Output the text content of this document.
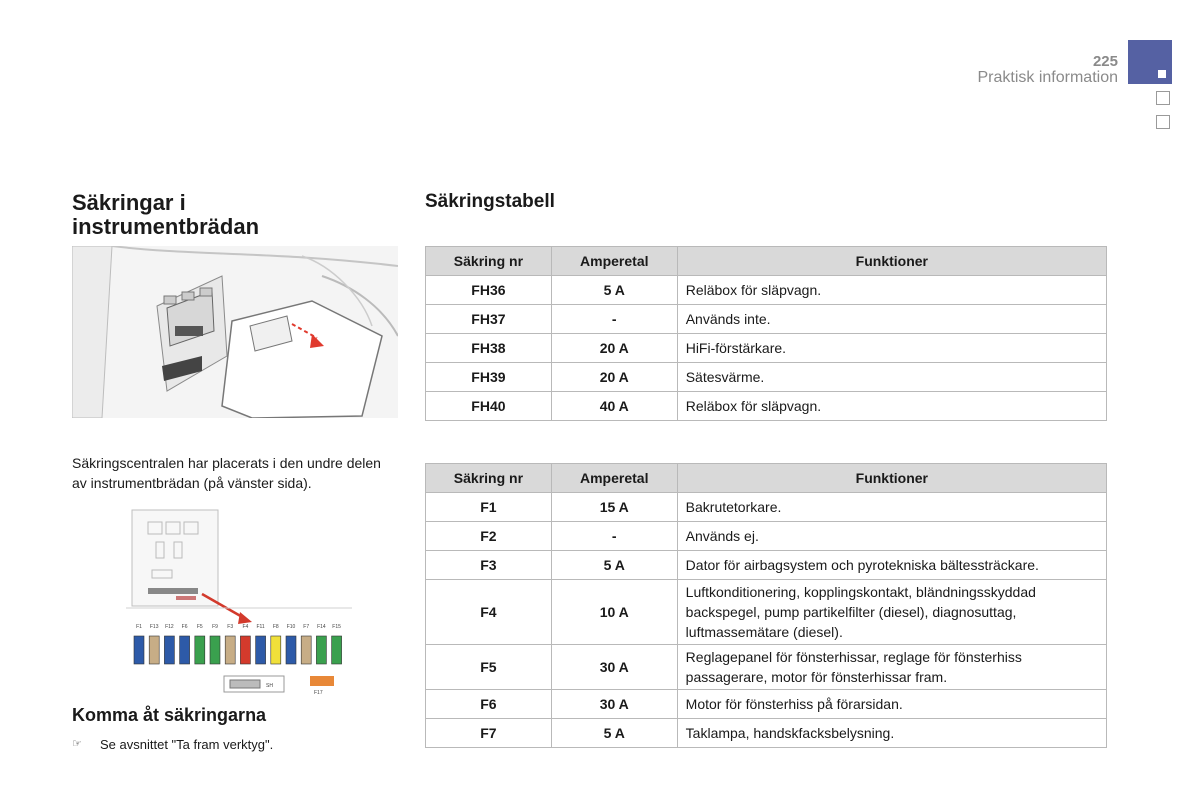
225
Praktisk information
Säkringar i instrumentbrädan
Säkringscentralen har placerats i den undre delen av instrumentbrädan (på vänster sida).
F1 F13 F12 F6 F5 F9 F3 F4 F11 F8 F10 F7 F14 F15
SH
F17
Komma åt säkringarna
☞ Se avsnittet "Ta fram verktyg".
Säkringstabell
Säkring nr	Amperetal	Funktioner
FH36	5 A	Reläbox för släpvagn.
FH37	-	Används inte.
FH38	20 A	HiFi-förstärkare.
FH39	20 A	Sätesvärme.
FH40	40 A	Reläbox för släpvagn.
Säkring nr	Amperetal	Funktioner
F1	15 A	Bakrutetorkare.
F2	-	Används ej.
F3	5 A	Dator för airbagsystem och pyrotekniska bältessträckare.
F4	10 A	Luftkonditionering, kopplingskontakt, bländningsskyddad backspegel, pump partikelfilter (diesel), diagnosuttag, luftmassemätare (diesel).
F5	30 A	Reglagepanel för fönsterhissar, reglage för fönsterhiss passagerare, motor för fönsterhissar fram.
F6	30 A	Motor för fönsterhiss på förarsidan.
F7	5 A	Taklampa, handskfacksbelysning.
